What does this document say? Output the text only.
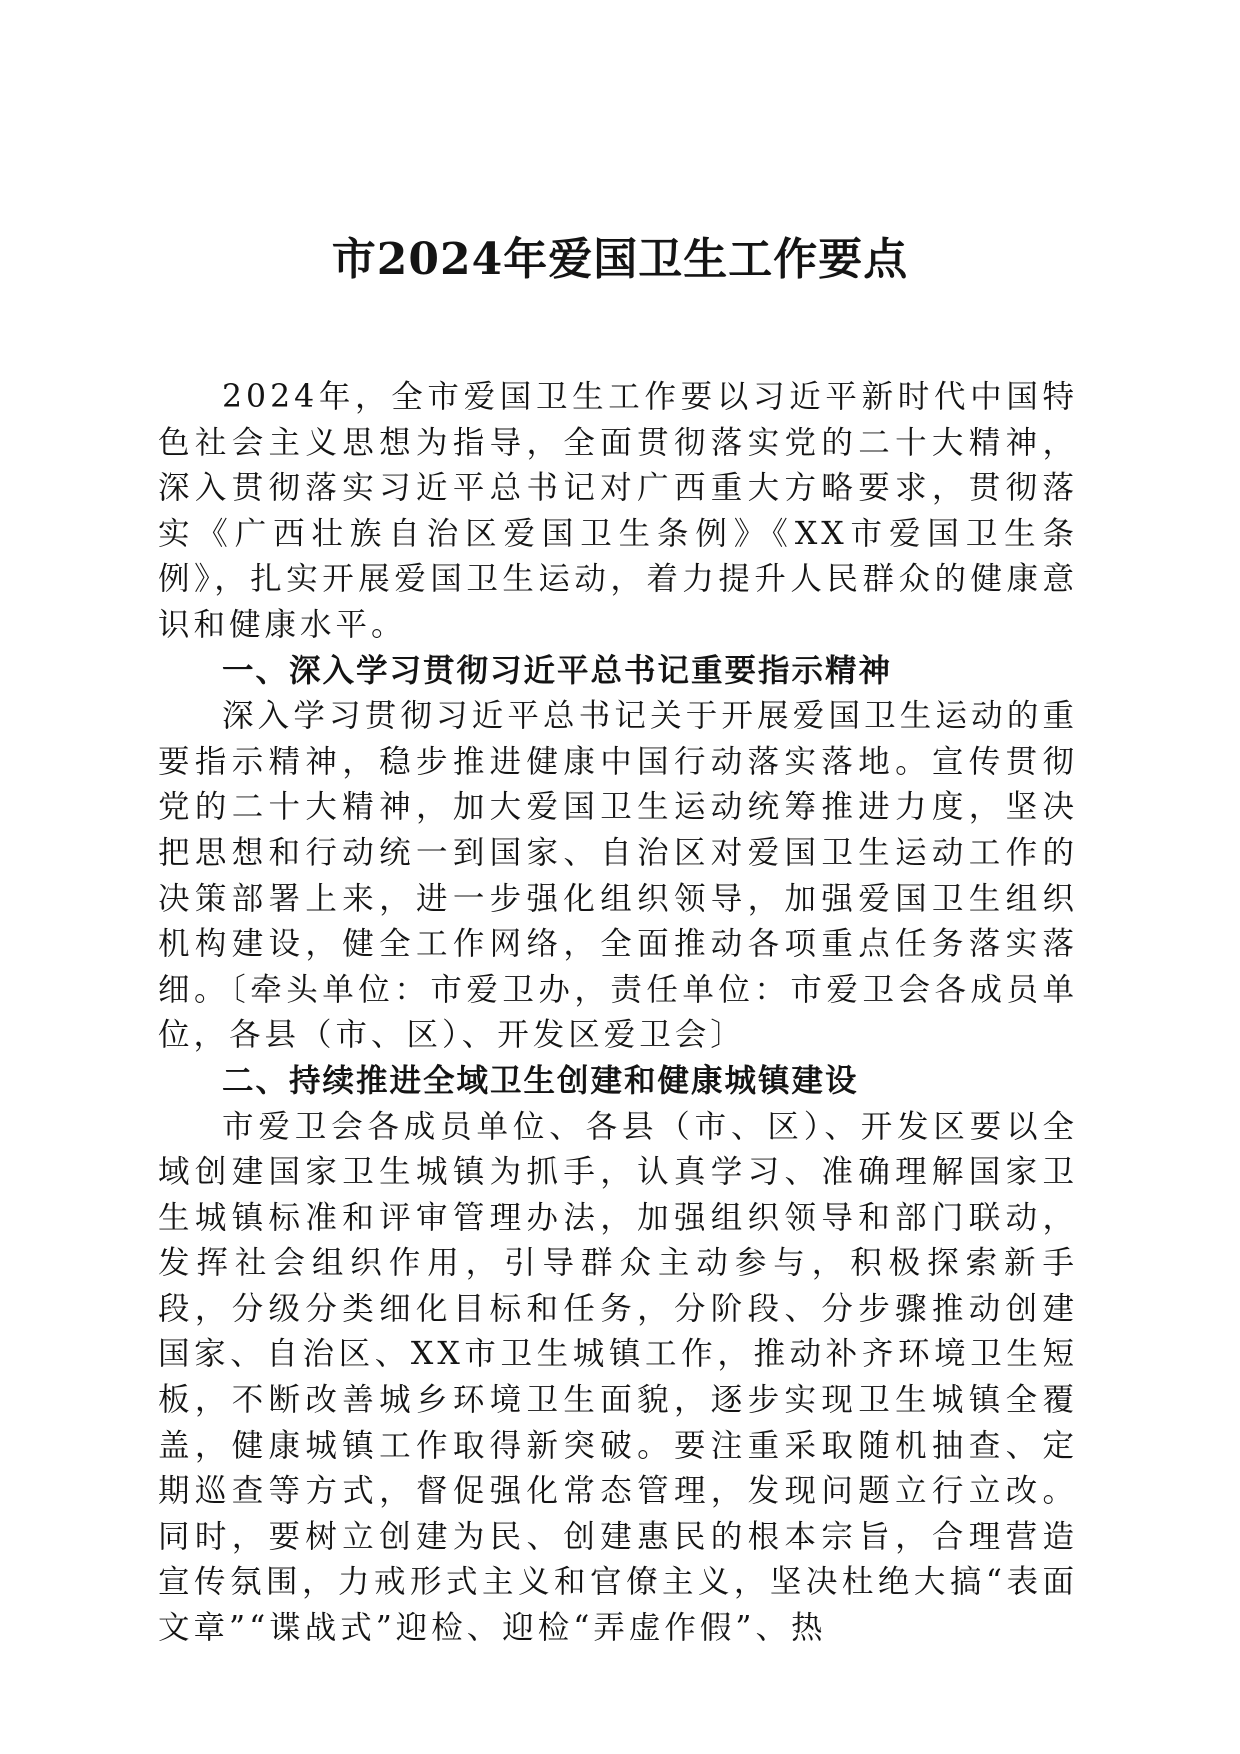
市2024年爱国卫生工作要点

2024年，全市爱国卫生工作要以习近平新时代中国特色社会主义思想为指导，全面贯彻落实党的二十大精神，深入贯彻落实习近平总书记对广西重大方略要求，贯彻落实《广西壮族自治区爱国卫生条例》《XX市爱国卫生条例》，扎实开展爱国卫生运动，着力提升人民群众的健康意识和健康水平。

一、深入学习贯彻习近平总书记重要指示精神

深入学习贯彻习近平总书记关于开展爱国卫生运动的重要指示精神，稳步推进健康中国行动落实落地。宣传贯彻党的二十大精神，加大爱国卫生运动统筹推进力度，坚决把思想和行动统一到国家、自治区对爱国卫生运动工作的决策部署上来，进一步强化组织领导，加强爱国卫生组织机构建设，健全工作网络，全面推动各项重点任务落实落细。〔牵头单位：市爱卫办，责任单位：市爱卫会各成员单位，各县（市、区）、开发区爱卫会〕

二、持续推进全域卫生创建和健康城镇建设

市爱卫会各成员单位、各县（市、区）、开发区要以全域创建国家卫生城镇为抓手，认真学习、准确理解国家卫生城镇标准和评审管理办法，加强组织领导和部门联动，发挥社会组织作用，引导群众主动参与，积极探索新手段，分级分类细化目标和任务，分阶段、分步骤推动创建国家、自治区、XX市卫生城镇工作，推动补齐环境卫生短板，不断改善城乡环境卫生面貌，逐步实现卫生城镇全覆盖，健康城镇工作取得新突破。要注重采取随机抽查、定期巡查等方式，督促强化常态管理，发现问题立行立改。同时，要树立创建为民、创建惠民的根本宗旨，合理营造宣传氛围，力戒形式主义和官僚主义，坚决杜绝大搞“表面文章”“谍战式”迎检、迎检“弄虚作假”、热
